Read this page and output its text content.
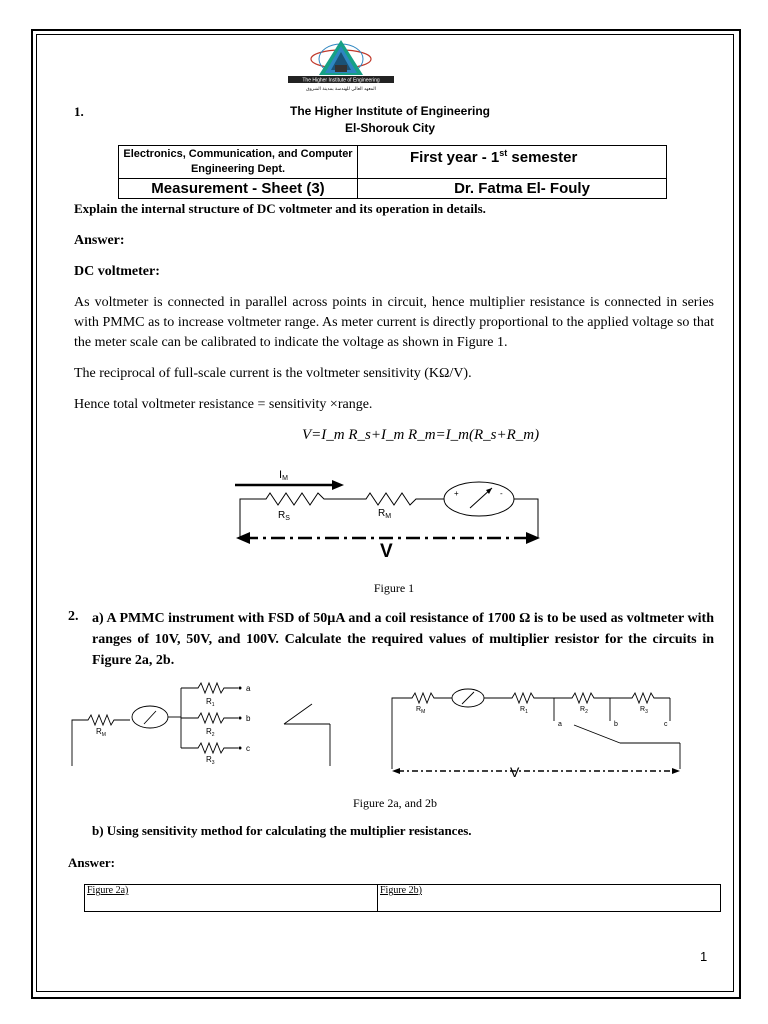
The Higher Institute of Engineering
المعهد العالي للهندسة بمدينة الشروق
1.	The Higher Institute of Engineering
El-Shorouk City
Electronics, Communication, and Computer Engineering Dept.	First year - 1st semester
Measurement - Sheet (3)	Dr. Fatma El- Fouly
Explain the internal structure of DC voltmeter and its operation in details.
Answer:
DC voltmeter:
As voltmeter is connected in parallel across points in circuit, hence multiplier resistance is connected in series with PMMC as to increase voltmeter range. As meter current is directly proportional to the applied voltage so that the meter scale can be calibrated to indicate the voltage as shown in Figure 1.
The reciprocal of full-scale current is the voltmeter sensitivity (KΩ/V).
Hence total voltmeter resistance = sensitivity ×range.
V=I_m R_s+I_m R_m=I_m(R_s+R_m)
IM
$R_S$	$R_M$
+	-
V
Figure 1
2. a) A PMMC instrument with FSD of 50µA and a coil resistance of 1700 Ω is to be used as voltmeter with ranges of 10V, 50V, and 100V. Calculate the required values of multiplier resistor for the circuits in Figure 2a, 2b.
$R_M$
$R_1$
$R_2$
$R_3$
a
b
c
$R_M$	$R_1$	$R_2$	$R_3$
a	b	c
V
Figure 2a, and 2b
b) Using sensitivity method for calculating the multiplier resistances.
Answer:
Figure 2a)	Figure 2b)
1
